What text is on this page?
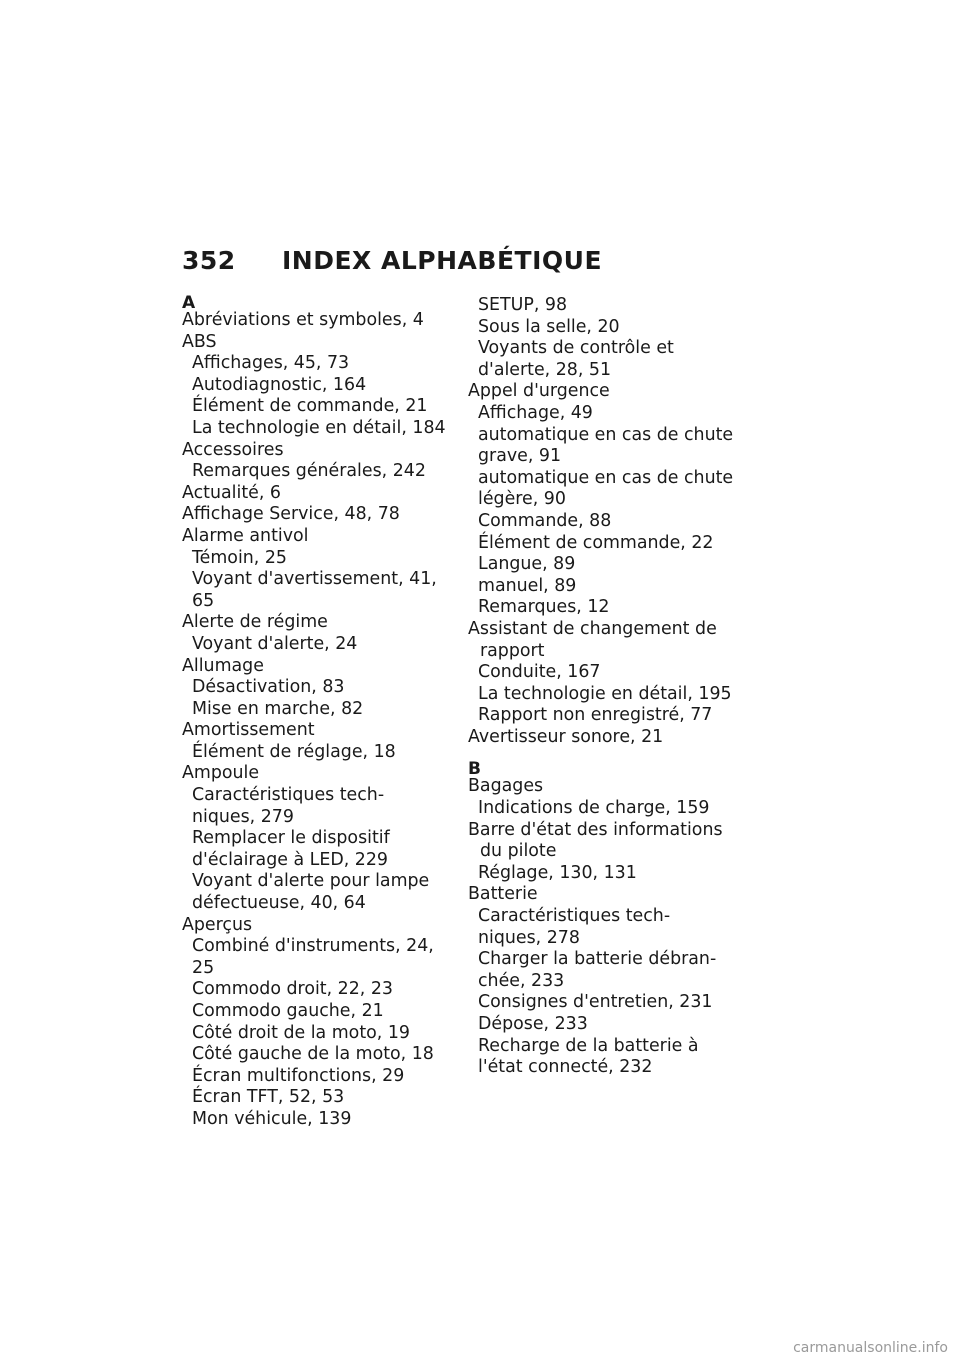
352 INDEX ALPHABÉTIQUE
A
Abréviations et symboles, 4
ABS
Affichages, 45, 73
Autodiagnostic, 164
Élément de commande, 21
La technologie en détail, 184
Accessoires
Remarques générales, 242
Actualité, 6
Affichage Service, 48, 78
Alarme antivol
Témoin, 25
Voyant d'avertissement, 41,
65
Alerte de régime
Voyant d'alerte, 24
Allumage
Désactivation, 83
Mise en marche, 82
Amortissement
Élément de réglage, 18
Ampoule
Caractéristiques tech-
niques, 279
Remplacer le dispositif
d'éclairage à LED, 229
Voyant d'alerte pour lampe
défectueuse, 40, 64
Aperçus
Combiné d'instruments, 24,
25
Commodo droit, 22, 23
Commodo gauche, 21
Côté droit de la moto, 19
Côté gauche de la moto, 18
Écran multifonctions, 29
Écran TFT, 52, 53
Mon véhicule, 139
SETUP, 98
Sous la selle, 20
Voyants de contrôle et
d'alerte, 28, 51
Appel d'urgence
Affichage, 49
automatique en cas de chute
grave, 91
automatique en cas de chute
légère, 90
Commande, 88
Élément de commande, 22
Langue, 89
manuel, 89
Remarques, 12
Assistant de changement de
rapport
Conduite, 167
La technologie en détail, 195
Rapport non enregistré, 77
Avertisseur sonore, 21
B
Bagages
Indications de charge, 159
Barre d'état des informations
du pilote
Réglage, 130, 131
Batterie
Caractéristiques tech-
niques, 278
Charger la batterie débran-
chée, 233
Consignes d'entretien, 231
Dépose, 233
Recharge de la batterie à
l'état connecté, 232
carmanualsonline.info
